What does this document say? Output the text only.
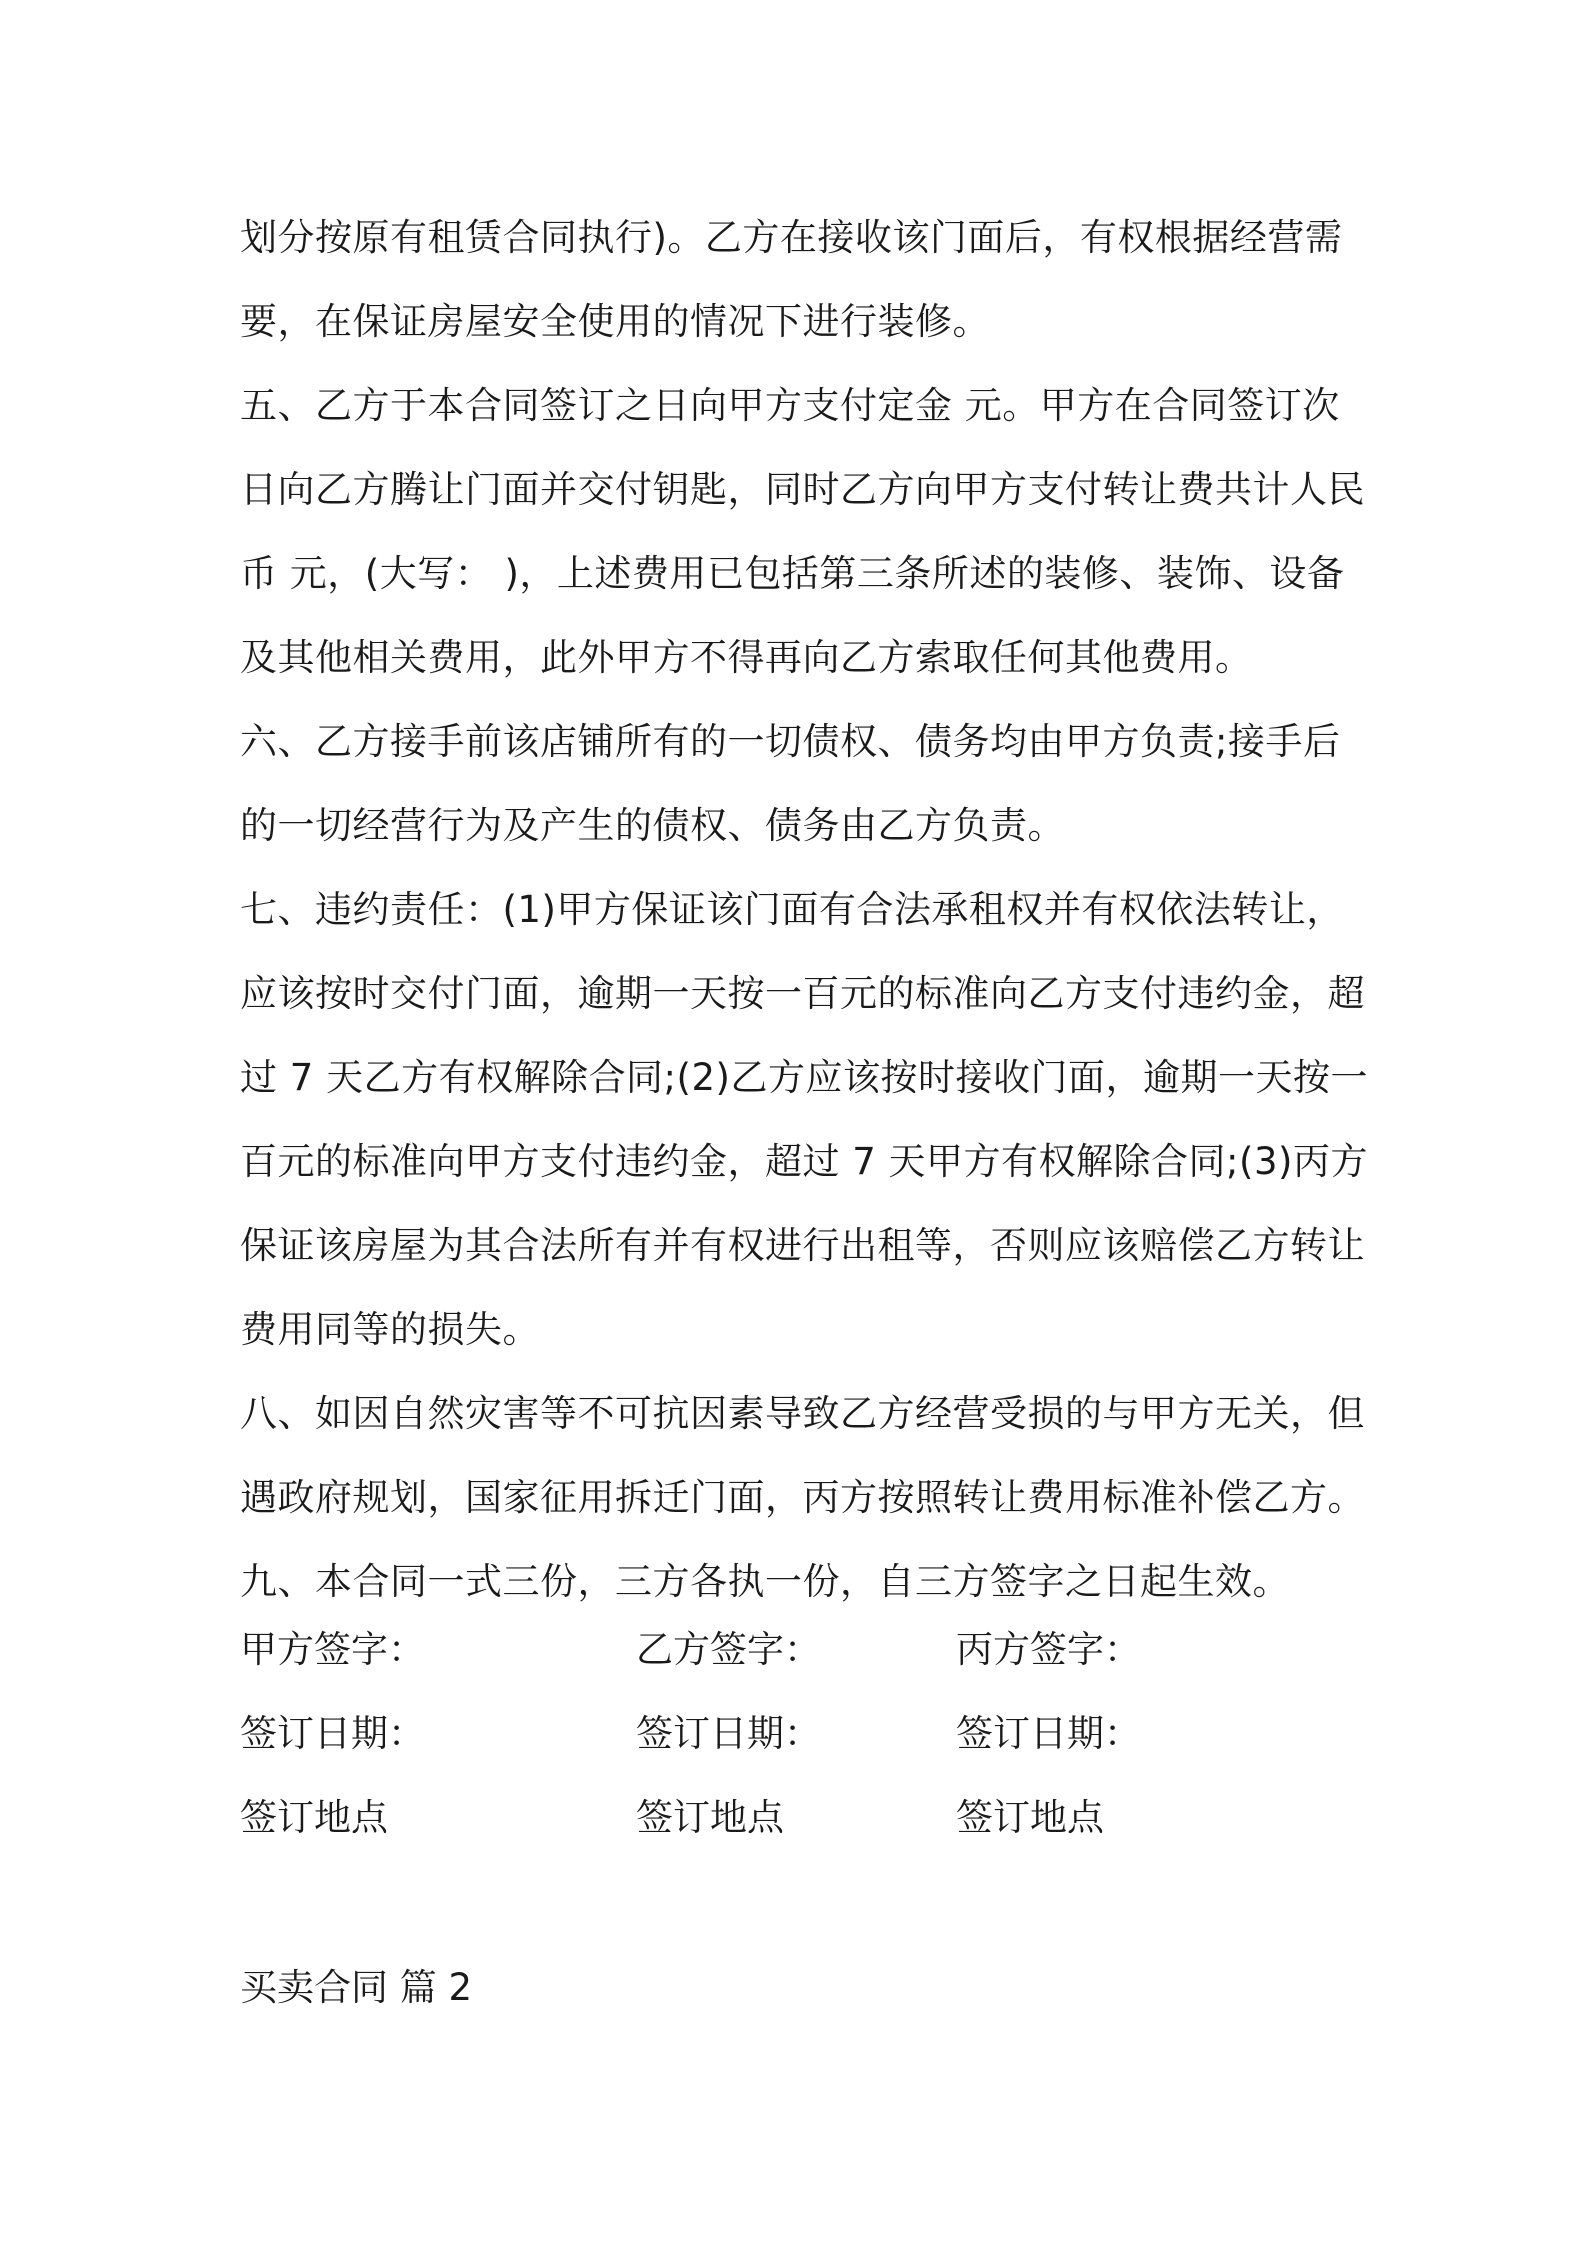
划分按原有租赁合同执行)。乙方在接收该门面后，有权根据经营需
要，在保证房屋安全使用的情况下进行装修。
五、乙方于本合同签订之日向甲方支付定金 元。甲方在合同签订次
日向乙方腾让门面并交付钥匙，同时乙方向甲方支付转让费共计人民
币 元，(大写： )，上述费用已包括第三条所述的装修、装饰、设备
及其他相关费用，此外甲方不得再向乙方索取任何其他费用。
六、乙方接手前该店铺所有的一切债权、债务均由甲方负责;接手后
的一切经营行为及产生的债权、债务由乙方负责。
七、违约责任：(1)甲方保证该门面有合法承租权并有权依法转让，
应该按时交付门面，逾期一天按一百元的标准向乙方支付违约金，超
过 7 天乙方有权解除合同;(2)乙方应该按时接收门面，逾期一天按一
百元的标准向甲方支付违约金，超过 7 天甲方有权解除合同;(3)丙方
保证该房屋为其合法所有并有权进行出租等，否则应该赔偿乙方转让
费用同等的损失。
八、如因自然灾害等不可抗因素导致乙方经营受损的与甲方无关，但
遇政府规划，国家征用拆迁门面，丙方按照转让费用标准补偿乙方。
九、本合同一式三份，三方各执一份，自三方签字之日起生效。
甲方签字：	乙方签字：	丙方签字：
签订日期：	签订日期：	签订日期：
签订地点	签订地点	签订地点
买卖合同 篇 2
